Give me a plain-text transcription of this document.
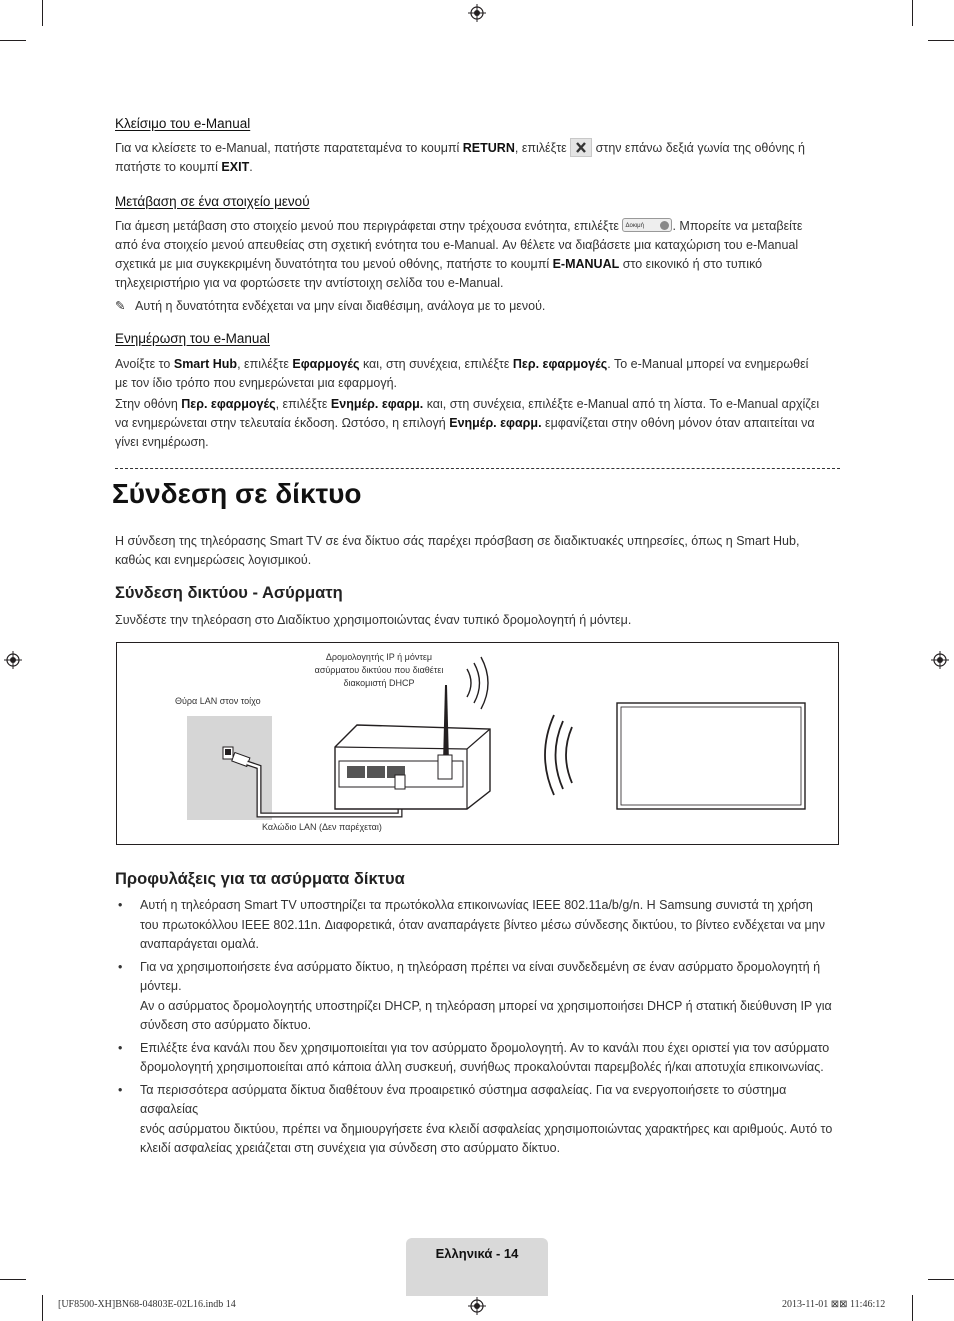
Κλείσιμο του e-Manual

Για να κλείσετε το e-Manual, πατήστε παρατεταμένα το κουμπί RETURN, επιλέξτε  στην επάνω δεξιά γωνία της οθόνης ή
πατήστε το κουμπί EXIT.

Μετάβαση σε ένα στοιχείο μενού

Για άμεση μετάβαση στο στοιχείο μενού που περιγράφεται στην τρέχουσα ενότητα, επιλέξτε Δοκιμή . Μπορείτε να μεταβείτε
από ένα στοιχείο μενού απευθείας στη σχετική ενότητα του e-Manual. Αν θέλετε να διαβάσετε μια καταχώριση του e-Manual
σχετικά με μια συγκεκριμένη δυνατότητα του μενού οθόνης, πατήστε το κουμπί E-MANUAL στο εικονικό ή στο τυπικό
τηλεχειριστήριο για να φορτώσετε την αντίστοιχη σελίδα του e-Manual.

✎ Αυτή η δυνατότητα ενδέχεται να μην είναι διαθέσιμη, ανάλογα με το μενού.
Ενημέρωση του e-Manual

Ανοίξτε το Smart Hub, επιλέξτε Εφαρμογές και, στη συνέχεια, επιλέξτε Περ. εφαρμογές. Το e-Manual μπορεί να ενημερωθεί
με τον ίδιο τρόπο που ενημερώνεται μια εφαρμογή.

Στην οθόνη Περ. εφαρμογές, επιλέξτε Ενημέρ. εφαρμ. και, στη συνέχεια, επιλέξτε e-Manual από τη λίστα. Το e-Manual αρχίζει
να ενημερώνεται στην τελευταία έκδοση. Ωστόσο, η επιλογή Ενημέρ. εφαρμ. εμφανίζεται στην οθόνη μόνον όταν απαιτείται να
γίνει ενημέρωση.

Σύνδεση σε δίκτυο

Η σύνδεση της τηλεόρασης Smart TV σε ένα δίκτυο σάς παρέχει πρόσβαση σε διαδικτυακές υπηρεσίες, όπως η Smart Hub,
καθώς και ενημερώσεις λογισμικού.

Σύνδεση δικτύου - Ασύρματη

Συνδέστε την τηλεόραση στο Διαδίκτυο χρησιμοποιώντας έναν τυπικό δρομολογητή ή μόντεμ.

Δρομολογητής IP ή μόντεμ
ασύρματου δικτύου που διαθέτει
διακομιστή DHCP
Θύρα LAN στον τοίχο
Καλώδιο LAN (Δεν παρέχεται)
Προφυλάξεις για τα ασύρματα δίκτυα
• Αυτή η τηλεόραση Smart TV υποστηρίζει τα πρωτόκολλα επικοινωνίας IEEE 802.11a/b/g/n. Η Samsung συνιστά τη χρήση
του πρωτοκόλλου IEEE 802.11n. Διαφορετικά, όταν αναπαράγετε βίντεο μέσω σύνδεσης δικτύου, το βίντεο ενδέχεται να μην
αναπαράγεται ομαλά.
• Για να χρησιμοποιήσετε ένα ασύρματο δίκτυο, η τηλεόραση πρέπει να είναι συνδεδεμένη σε έναν ασύρματο δρομολογητή ή μόντεμ.
Αν ο ασύρματος δρομολογητής υποστηρίζει DHCP, η τηλεόραση μπορεί να χρησιμοποιήσει DHCP ή στατική διεύθυνση IP για
σύνδεση στο ασύρματο δίκτυο.
• Επιλέξτε ένα κανάλι που δεν χρησιμοποιείται για τον ασύρματο δρομολογητή. Αν το κανάλι που έχει οριστεί για τον ασύρματο
δρομολογητή χρησιμοποιείται από κάποια άλλη συσκευή, συνήθως προκαλούνται παρεμβολές ή/και αποτυχία επικοινωνίας.
• Τα περισσότερα ασύρματα δίκτυα διαθέτουν ένα προαιρετικό σύστημα ασφαλείας. Για να ενεργοποιήσετε το σύστημα ασφαλείας
ενός ασύρματου δικτύου, πρέπει να δημιουργήσετε ένα κλειδί ασφαλείας χρησιμοποιώντας χαρακτήρες και αριθμούς. Αυτό το
κλειδί ασφαλείας χρειάζεται στη συνέχεια για σύνδεση στο ασύρματο δίκτυο.
Ελληνικά - 14
[UF8500-XH]BN68-04803E-02L16.indb 14	2013-11-01 ⊠⊠ 11:46:12
